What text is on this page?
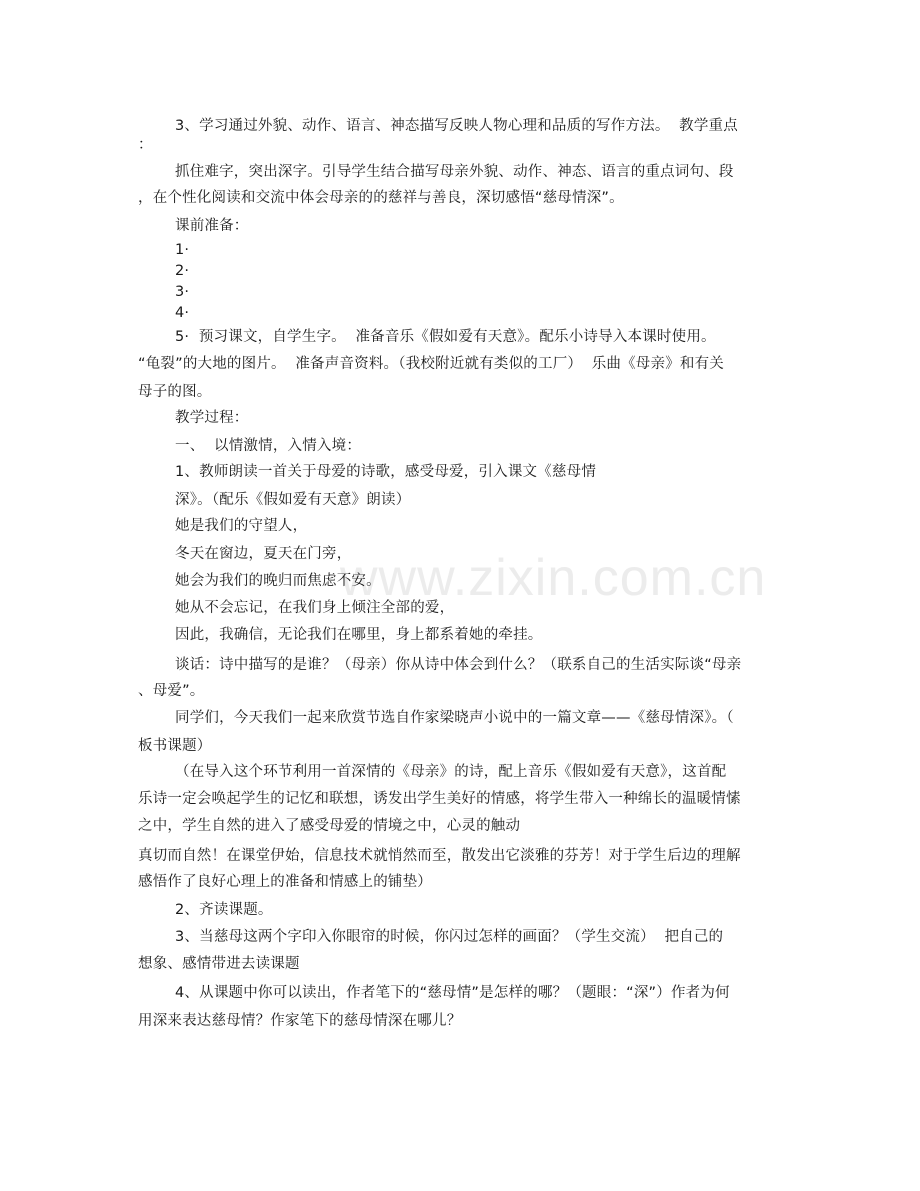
www.zixin.com.cn
3、学习通过外貌、动作、语言、神态描写反映人物心理和品质的写作方法。  教学重点
：
抓住难字，突出深字。引导学生结合描写母亲外貌、动作、神态、语言的重点词句、段
，在个性化阅读和交流中体会母亲的的慈祥与善良，深切感悟“慈母情深”。
课前准备：
1·
2·
3·
4·
5·  预习课文，自学生字。  准备音乐《假如爱有天意》。配乐小诗导入本课时使用。
“龟裂”的大地的图片。  准备声音资料。（我校附近就有类似的工厂）  乐曲《母亲》和有关
母子的图。
教学过程：
一、  以情激情，入情入境：
1、教师朗读一首关于母爱的诗歌，感受母爱，引入课文《慈母情
深》。（配乐《假如爱有天意》朗读）
她是我们的守望人，
冬天在窗边，夏天在门旁，
她会为我们的晚归而焦虑不安。
她从不会忘记，在我们身上倾注全部的爱，
因此，我确信，无论我们在哪里，身上都系着她的牵挂。
谈话：诗中描写的是谁？（母亲）你从诗中体会到什么？（联系自己的生活实际谈“母亲
、母爱”。
同学们，今天我们一起来欣赏节选自作家梁晓声小说中的一篇文章——《慈母情深》。（
板书课题）
（在导入这个环节利用一首深情的《母亲》的诗，配上音乐《假如爱有天意》，这首配
乐诗一定会唤起学生的记忆和联想，诱发出学生美好的情感，将学生带入一种绵长的温暖情愫
之中，学生自然的进入了感受母爱的情境之中，心灵的触动
真切而自然！在课堂伊始，信息技术就悄然而至，散发出它淡雅的芬芳！对于学生后边的理解
感悟作了良好心理上的准备和情感上的铺垫）
2、齐读课题。
3、当慈母这两个字印入你眼帘的时候，你闪过怎样的画面？（学生交流）  把自己的
想象、感情带进去读课题
4、从课题中你可以读出，作者笔下的“慈母情”是怎样的哪？（题眼：“深”）作者为何
用深来表达慈母情？作家笔下的慈母情深在哪儿？
